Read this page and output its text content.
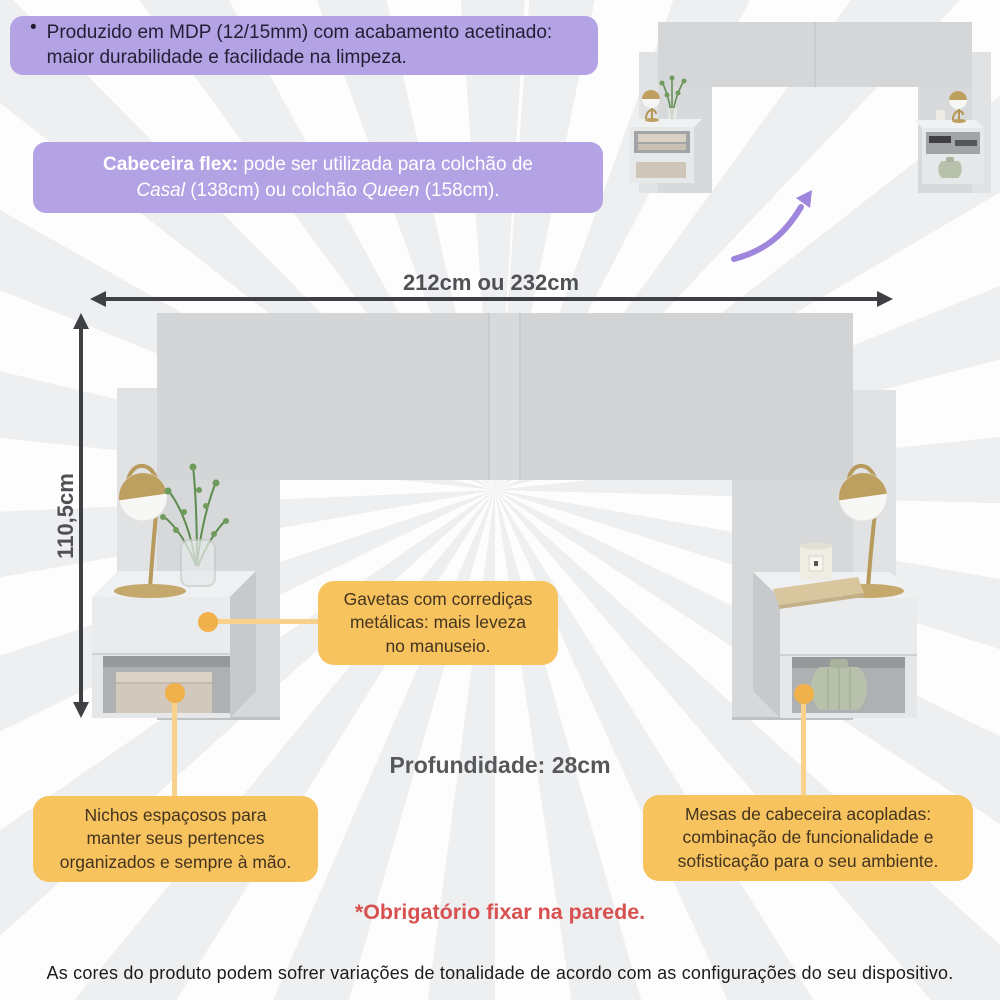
• Produzido em MDP (12/15mm) com acabamento acetinado:
maior durabilidade e facilidade na limpeza.
Cabeceira flex: pode ser utilizada para colchão de
Casal (138cm) ou colchão Queen (158cm).
212cm ou 232cm
110,5cm
Profundidade: 28cm
Gavetas com corrediças
metálicas: mais leveza
no manuseio.
Nichos espaçosos para
manter seus pertences
organizados e sempre à mão.
Mesas de cabeceira acopladas:
combinação de funcionalidade e
sofisticação para o seu ambiente.
*Obrigatório fixar na parede.
As cores do produto podem sofrer variações de tonalidade de acordo com as configurações do seu dispositivo.
